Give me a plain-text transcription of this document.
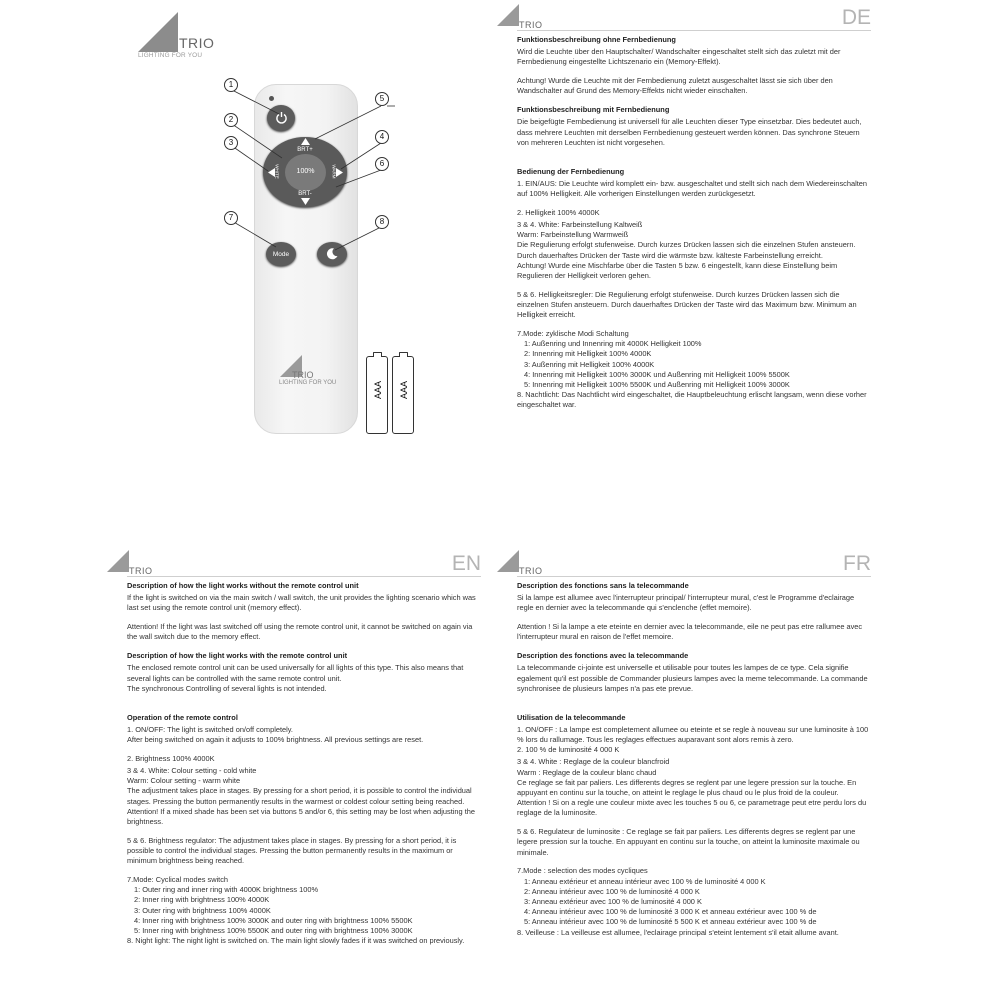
TRIO
LIGHTING FOR YOU
100%
BRT+
BRT-
WHITE	WARM
Mode
1
2
3
4
5
6
7	8
TRIO
LIGHTING FOR YOU	AAA AAA
TRIO	DE
Funktionsbeschreibung ohne Fernbedienung

Wird die Leuchte über den Hauptschalter/ Wandschalter eingeschaltet stellt sich das zuletzt mit der Fernbedienung eingestellte Lichtszenario ein (Memory-Effekt).

Achtung! Wurde die Leuchte mit der Fernbedienung zuletzt ausgeschaltet lässt sie sich über den Wandschalter auf Grund des Memory-Effekts nicht wieder einschalten.

Funktionsbeschreibung mit Fernbedienung

Die beigefügte Fernbedienung ist universell für alle Leuchten dieser Type einsetzbar. Dies bedeutet auch, dass mehrere Leuchten mit derselben Fernbedienung gesteuert werden können. Das synchrone Steuern von mehreren Leuchten ist nicht vorgesehen.

Bedienung der Fernbedienung

1. EIN/AUS: Die Leuchte wird komplett ein- bzw. ausgeschaltet und stellt sich nach dem Wiedereinschalten auf 100% Helligkeit. Alle vorherigen Einstellungen werden zurückgesetzt.

2. Helligkeit 100% 4000K
3 & 4. White: Farbeinstellung Kaltweiß
Warm: Farbeinstellung Warmweiß
Die Regulierung erfolgt stufenweise. Durch kurzes Drücken lassen sich die einzelnen Stufen ansteuern. Durch dauerhaftes Drücken der Taste wird die wärmste bzw. kälteste Farbeinstellung erreicht.

Achtung! Wurde eine Mischfarbe über die Tasten 5 bzw. 6 eingestellt, kann diese Einstellung beim Regulieren der Helligkeit verloren gehen.

5 & 6. Helligkeitsregler: Die Regulierung erfolgt stufenweise. Durch kurzes Drücken lassen sich die einzelnen Stufen ansteuern. Durch dauerhaftes Drücken der Taste wird das Maximum bzw. Minimum an Helligkeit erreicht.

7.Mode: zyklische Modi Schaltung
1: Außenring und Innenring mit 4000K Helligkeit 100%
2: Innenring mit Helligkeit 100% 4000K
3: Außenring mit Helligkeit 100% 4000K
4: Innenring mit Helligkeit 100% 3000K und Außenring mit Helligkeit 100% 5500K
5: Innenring mit Helligkeit 100% 5500K und Außenring mit Helligkeit 100% 3000K
8. Nachtlicht: Das Nachtlicht wird eingeschaltet, die Hauptbeleuchtung erlischt langsam, wenn diese vorher eingeschaltet war.
TRIO	EN
Description of how the light works without the remote control unit

If the light is switched on via the main switch / wall switch, the unit provides the lighting scenario which was last set using the remote control unit (memory effect).

Attention! If the light was last switched off using the remote control unit, it cannot be switched on again via the wall switch due to the memory effect.

Description of how the light works with the remote control unit
The enclosed remote control unit can be used universally for all lights of this type. This also means that several lights can be controlled with the same remote control unit.

The synchronous Controlling of several lights is not intended.

Operation of the remote control
1. ON/OFF: The light is switched on/off completely.

After being switched on again it adjusts to 100% brightness. All previous settings are reset.

2. Brightness 100% 4000K
3 & 4. White: Colour setting - cold white
Warm: Colour setting - warm white
The adjustment takes place in stages. By pressing for a short period, it is possible to control the individual stages. Pressing the button permanently results in the warmest or coldest colour setting being reached.

Attention! If a mixed shade has been set via buttons 5 and/or 6, this setting may be lost when adjusting the brightness.

5 & 6. Brightness regulator: The adjustment takes place in stages. By pressing for a short period, it is possible to control the individual stages. Pressing the button permanently results in the maximum or minimum brightness being reached.

7.Mode: Cyclical modes switch
1: Outer ring and inner ring with 4000K brightness 100%
2: Inner ring with brightness 100% 4000K
3: Outer ring with brightness 100% 4000K
4: Inner ring with brightness 100% 3000K and outer ring with brightness 100% 5500K
5: Inner ring with brightness 100% 5500K and outer ring with brightness 100% 3000K
8. Night light: The night light is switched on. The main light slowly fades if it was switched on previously.
TRIO	FR
Description des fonctions sans la telecommande

Si la lampe est allumee avec l'interrupteur principal/ l'interrupteur mural, c'est le Programme d'eclairage regle en dernier avec la telecommande qui s'enclenche (effet memoire).

Attention ! Si la lampe a ete eteinte en dernier avec la telecommande, eile ne peut pas etre rallumee avec l'interrupteur mural en raison de l'effet memoire.

Description des fonctions avec la telecommande

La telecommande ci-jointe est universelle et utilisable pour toutes les lampes de ce type. Cela signifie egalement qu'il est possible de Commander plusieurs lampes avec la meme telecommande. La commande synchronisee de plusieurs lampes n'a pas ete prevue.

Utilisation de la telecommande
1. ON/OFF : La lampe est completement allumee ou eteinte et se regle à nouveau sur une luminosite à 100 % lors du rallumage. Tous les reglages effectues auparavant sont alors remis à zero.
2. 100 % de luminosité 4 000 K
3 & 4. White : Reglage de la couleur blancfroid
Warm : Reglage de la couleur blanc chaud
Ce reglage se fait par paliers. Les differents degres se reglent par une legere pression sur la touche. En appuyant en continu sur la touche, on atteint le reglage le plus chaud ou le plus froid de la couleur.

Attention ! Si on a regle une couleur mixte avec les touches 5 ou 6, ce parametrage peut etre perdu lors du reglage de la luminosite.

5 & 6. Regulateur de luminosite : Ce reglage se fait par paliers. Les differents degres se reglent par une legere pression sur la touche. En appuyant en continu sur la touche, on atteint la luminosite maximale ou minimale.

7.Mode : selection des modes cycliques
1: Anneau extérieur et anneau intérieur avec 100 % de luminosité 4 000 K
2: Anneau intérieur avec 100 % de luminosité 4 000 K
3: Anneau extérieur avec 100 % de luminosité 4 000 K
4: Anneau intérieur avec 100 % de luminosité 3 000 K et anneau extérieur avec 100 % de
5: Anneau intérieur avec 100 % de luminosité 5 500 K et anneau extérieur avec 100 % de
8. Veilleuse : La veilleuse est allumee, l'eclairage principal s'eteint lentement s'il etait allume avant.
